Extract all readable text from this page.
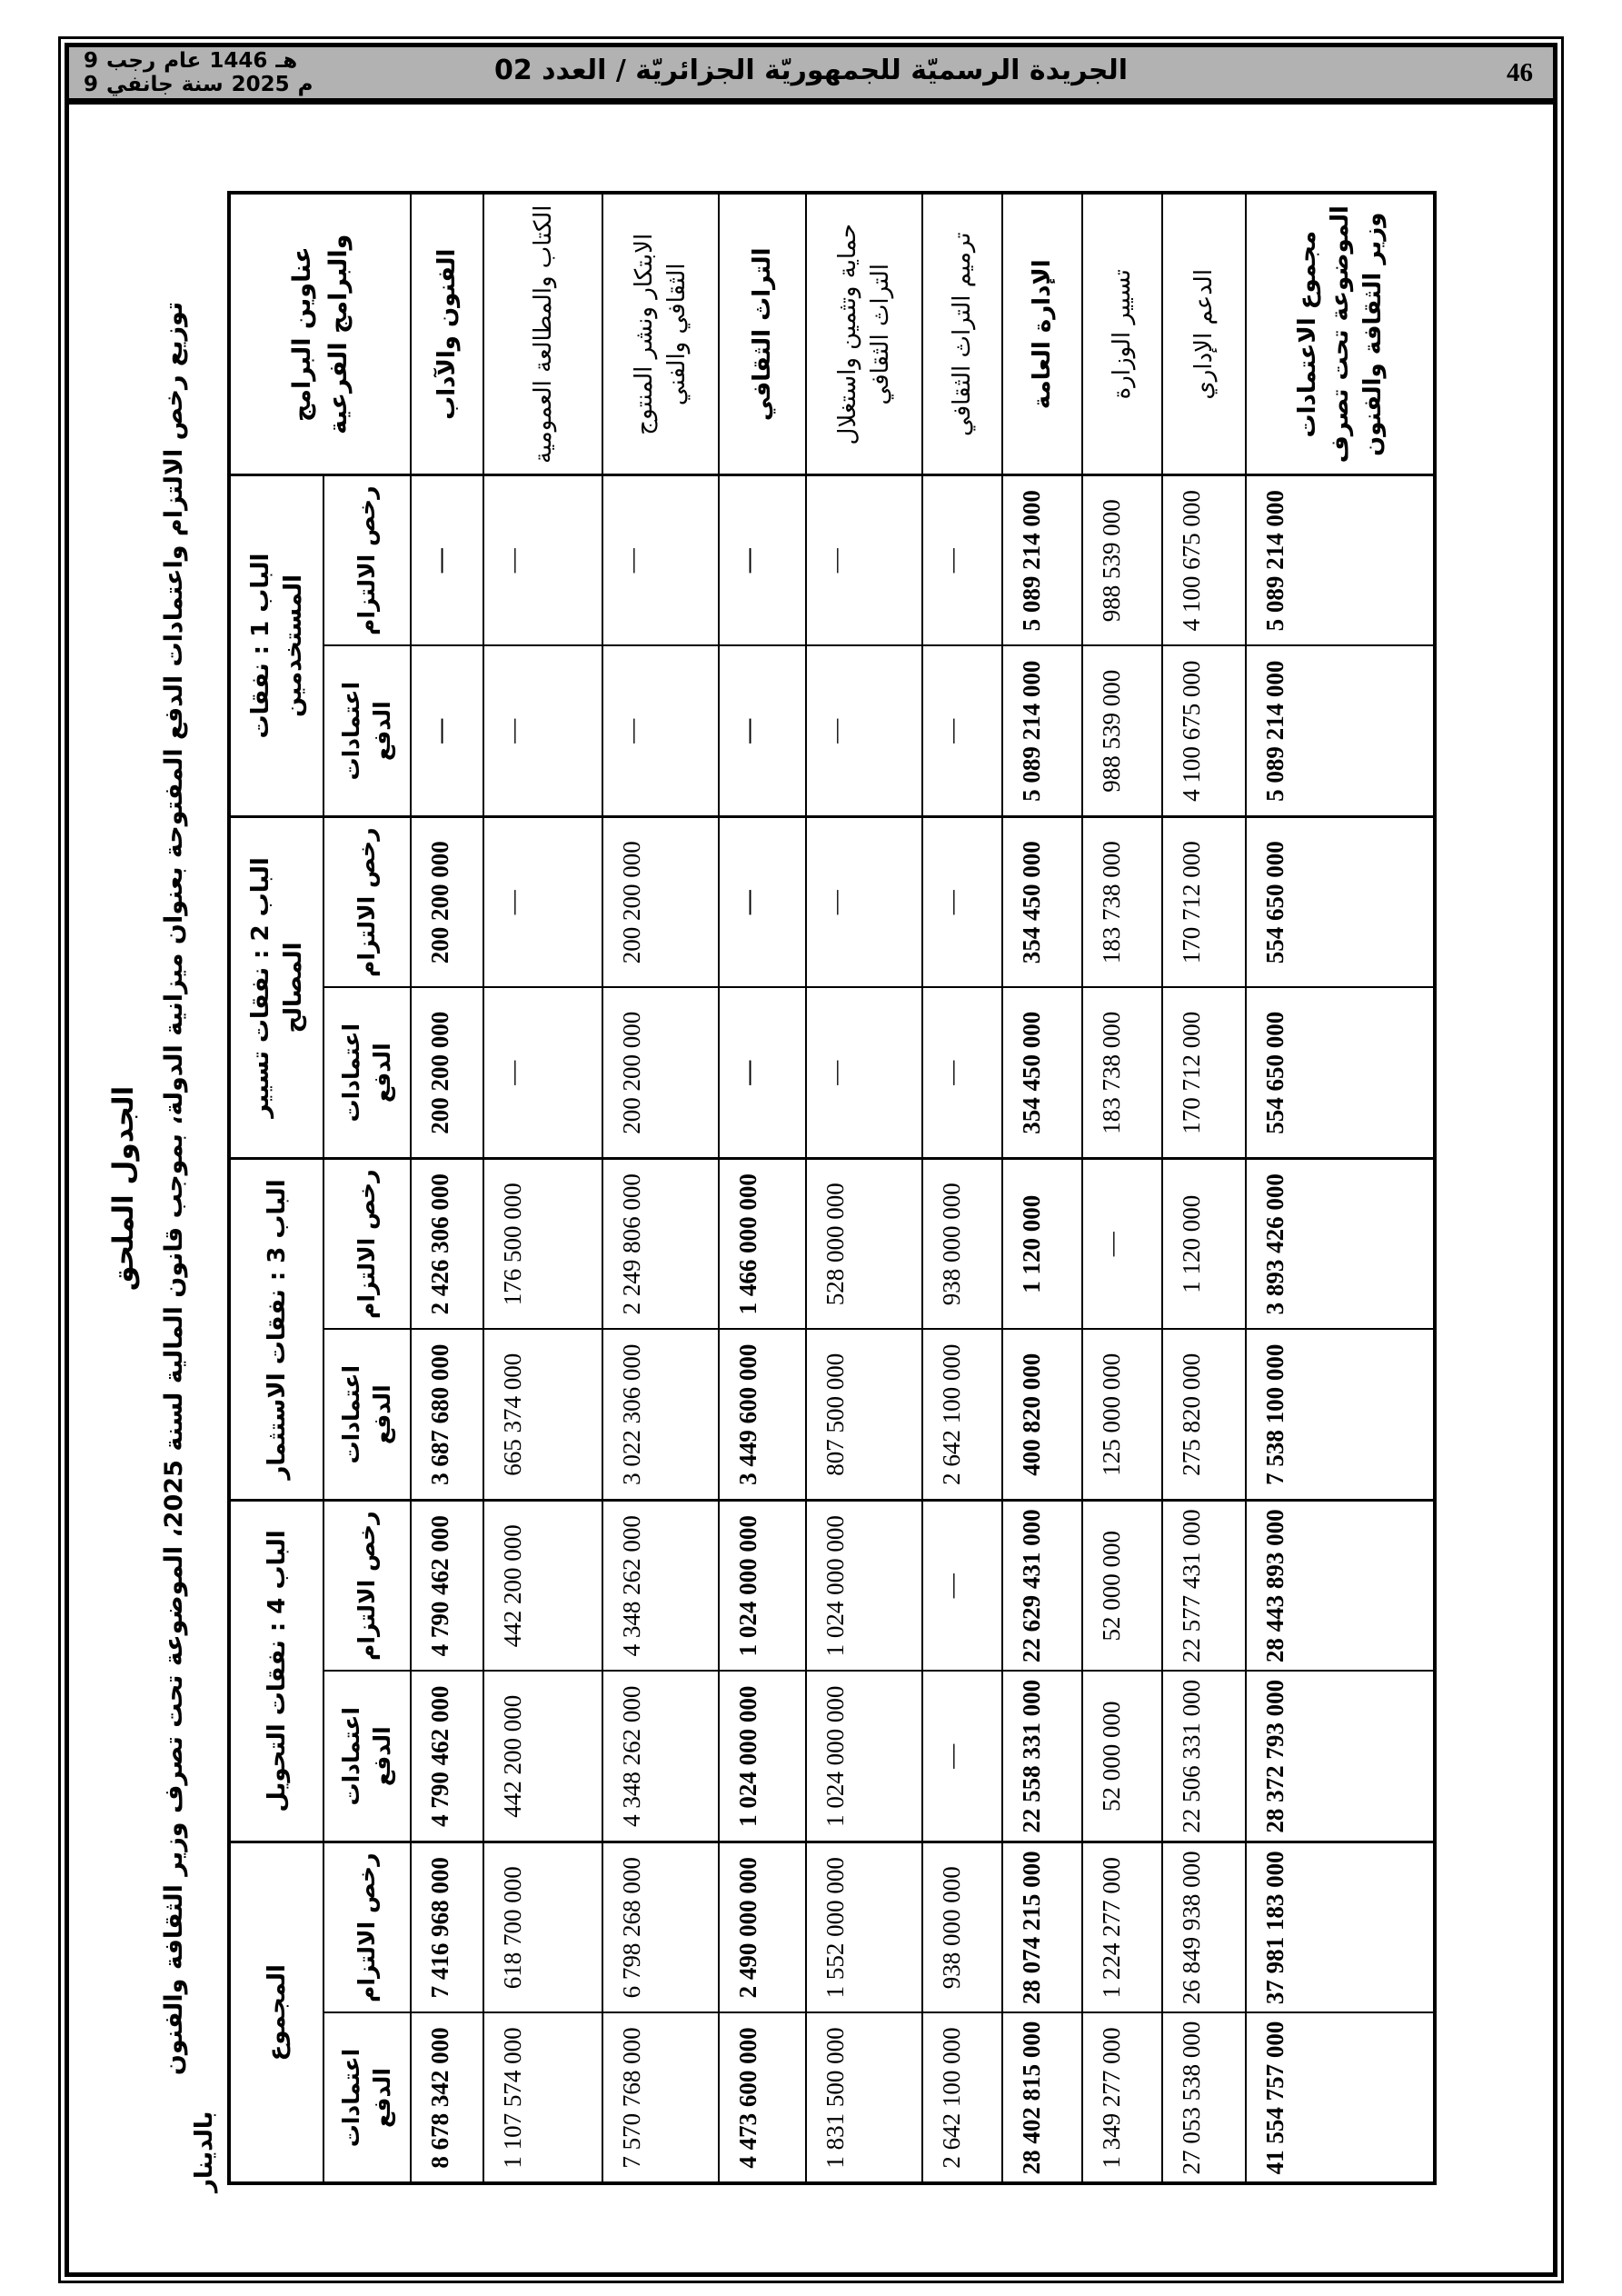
9 رجب عام 1446 هـ
9 جانفي سنة 2025 م	الجريدة الرسميّة للجمهوريّة الجزائريّة / العدد 02	46
الجدول الملحق
توزيع رخص الالتزام واعتمادات الدفع المفتوحة بعنوان ميزانية الدولة، بموجب قانون المالية لسنة 2025، الموضوعة تحت تصرف وزير الثقافة والفنون
بالدينار
عناوين البرامج والبرامج الفرعية	الباب 1 : نفقات المستخدمين		الباب 2 : نفقات تسيير المصالح		الباب 3 : نفقات الاستثمار		الباب 4 : نفقات التحويل		المجموع	
	رخص الالتزام	اعتمادات الدفع	رخص الالتزام	اعتمادات الدفع	رخص الالتزام	اعتمادات الدفع	رخص الالتزام	اعتمادات الدفع	رخص الالتزام	اعتمادات الدفع
الفنون والآداب	—	—	200 200 000	200 200 000	2 426 306 000	3 687 680 000	4 790 462 000	4 790 462 000	7 416 968 000	8 678 342 000
الكتاب والمطالعة العمومية	—	—	—	—	176 500 000	665 374 000	442 200 000	442 200 000	618 700 000	1 107 574 000
الابتكار ونشر المنتوج الثقافي والفني	—	—	200 200 000	200 200 000	2 249 806 000	3 022 306 000	4 348 262 000	4 348 262 000	6 798 268 000	7 570 768 000
التراث الثقافي	—	—	—	—	1 466 000 000	3 449 600 000	1 024 000 000	1 024 000 000	2 490 000 000	4 473 600 000
حماية وتثمين واستغلال التراث الثقافي	—	—	—	—	528 000 000	807 500 000	1 024 000 000	1 024 000 000	1 552 000 000	1 831 500 000
ترميم التراث الثقافي	—	—	—	—	938 000 000	2 642 100 000	—	—	938 000 000	2 642 100 000
الإدارة العامة	5 089 214 000	5 089 214 000	354 450 000	354 450 000	1 120 000	400 820 000	22 629 431 000	22 558 331 000	28 074 215 000	28 402 815 000
تسيير الوزارة	988 539 000	988 539 000	183 738 000	183 738 000	—	125 000 000	52 000 000	52 000 000	1 224 277 000	1 349 277 000
الدعم الإداري	4 100 675 000	4 100 675 000	170 712 000	170 712 000	1 120 000	275 820 000	22 577 431 000	22 506 331 000	26 849 938 000	27 053 538 000
مجموع الاعتمادات الموضوعة تحت تصرف وزير الثقافة والفنون	5 089 214 000	5 089 214 000	554 650 000	554 650 000	3 893 426 000	7 538 100 000	28 443 893 000	28 372 793 000	37 981 183 000	41 554 757 000
